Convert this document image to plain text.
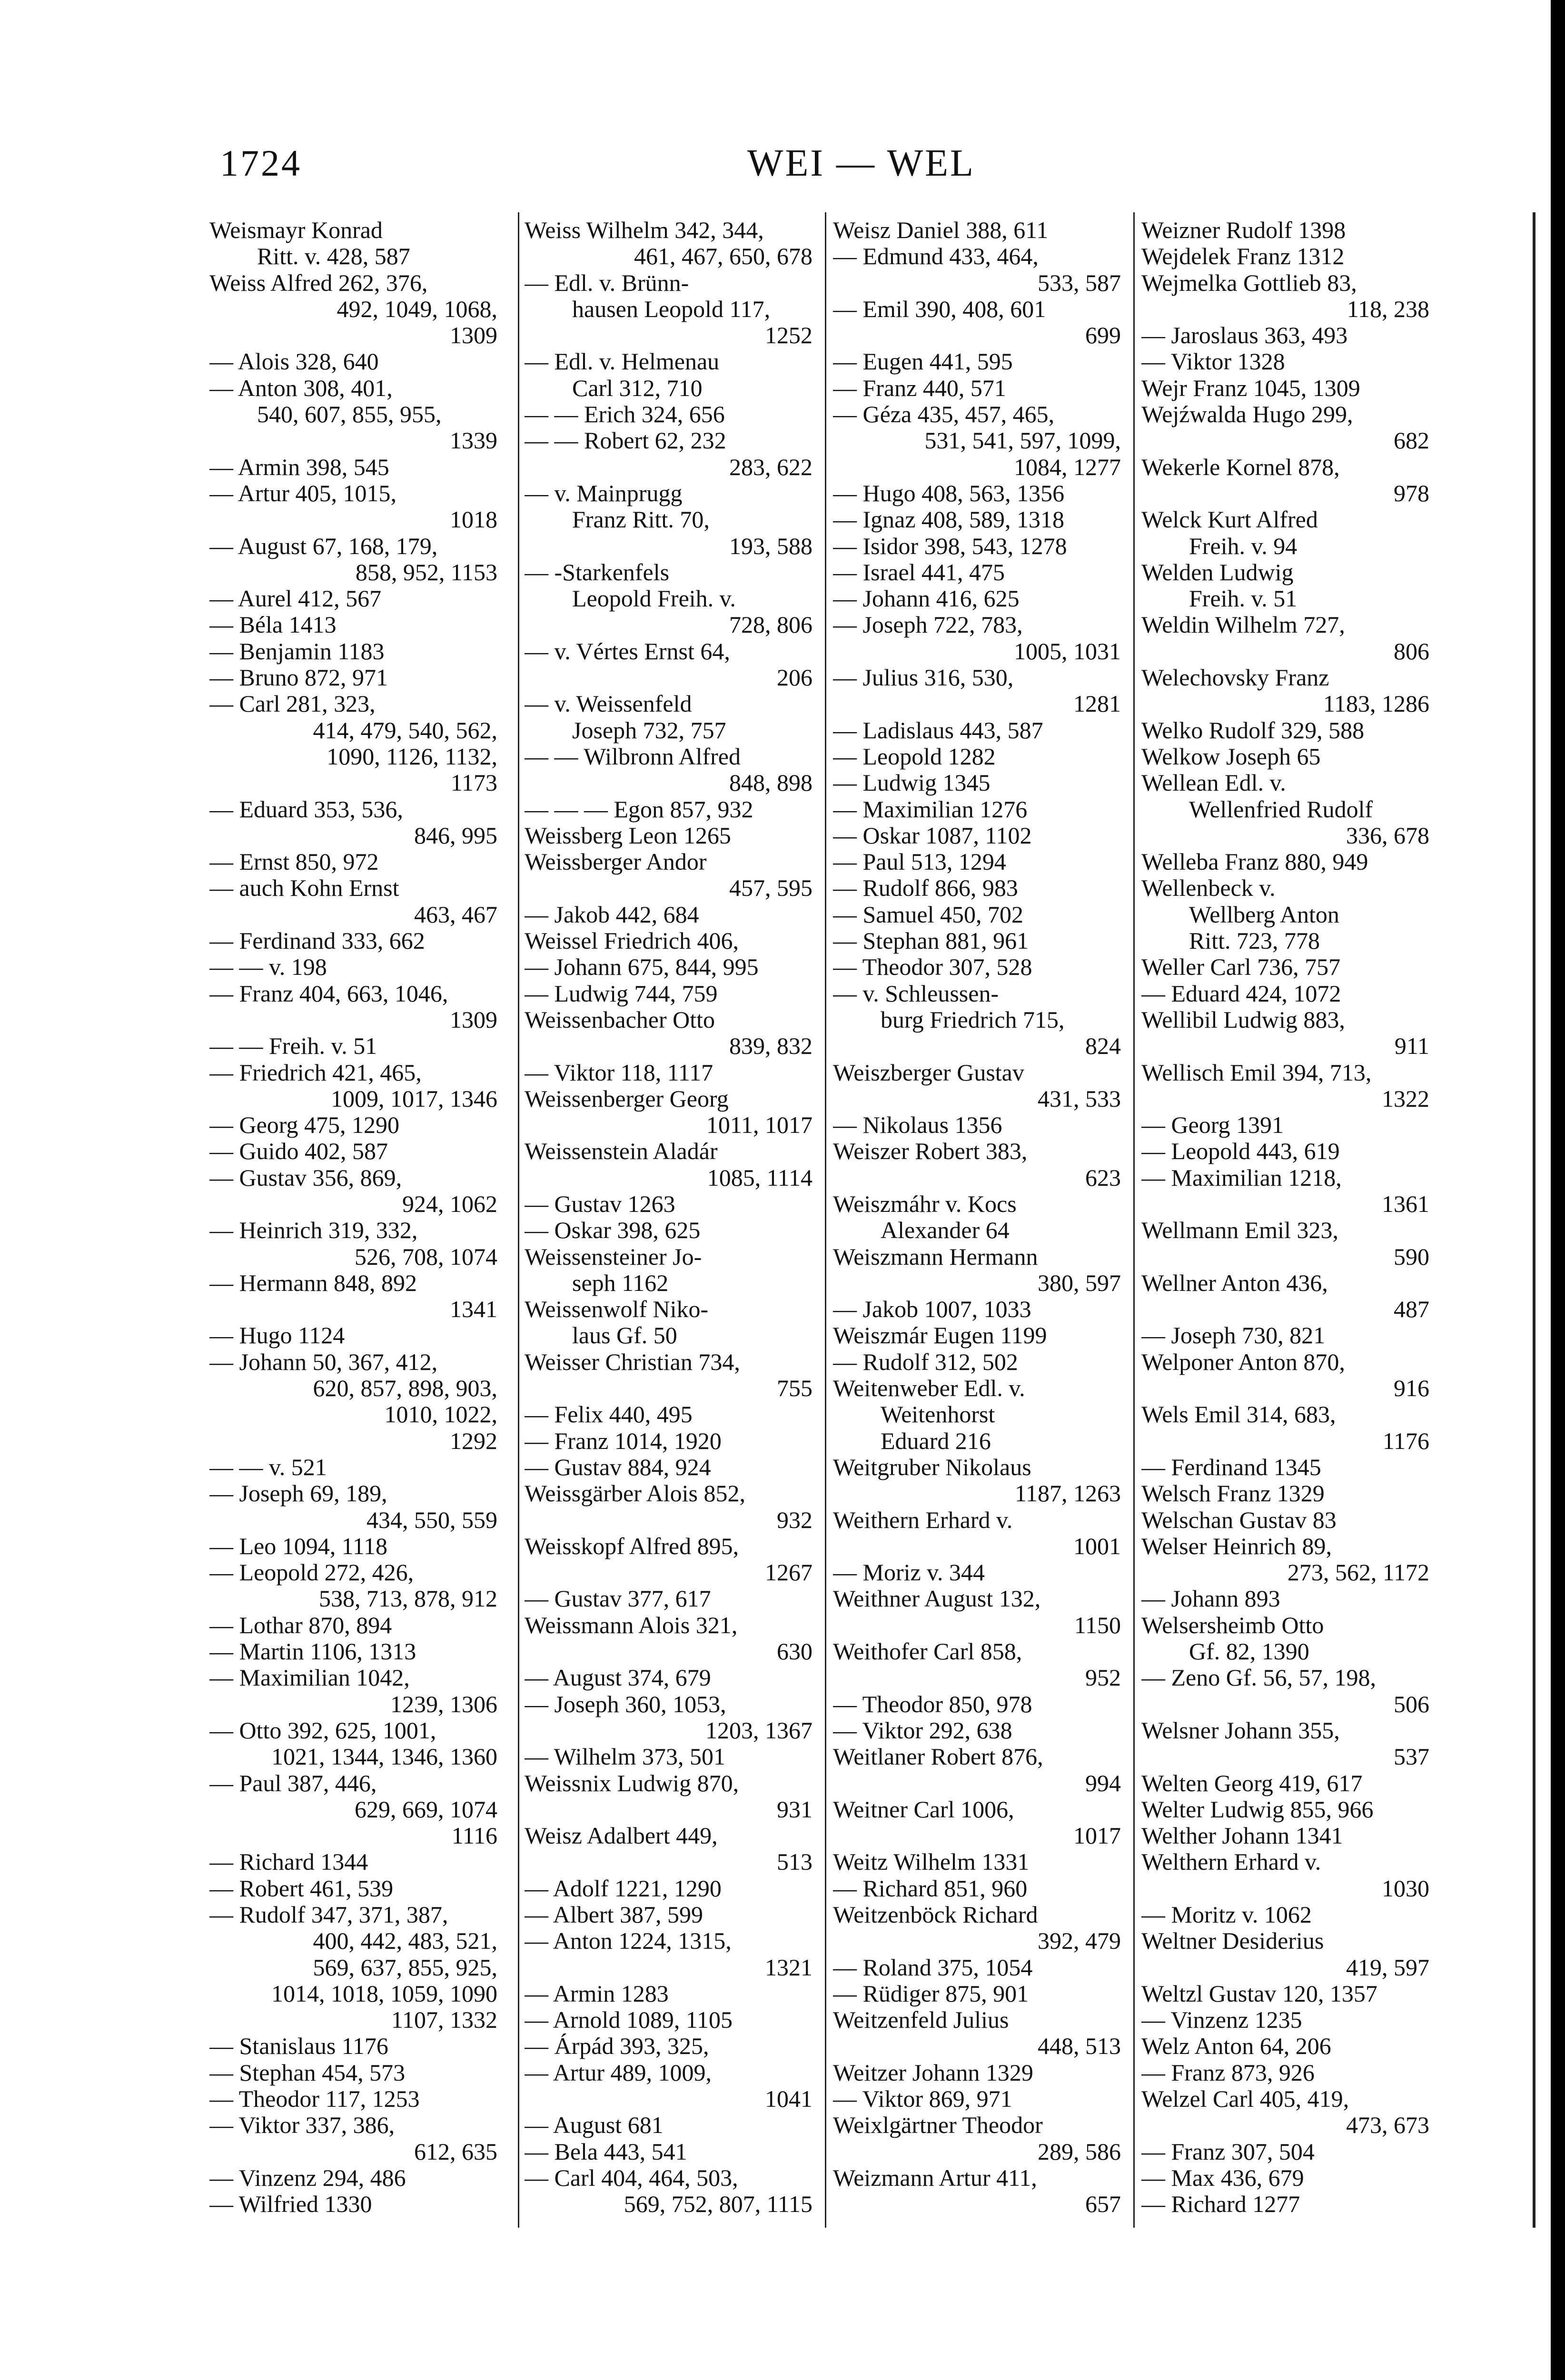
1724	WEI — WEL
Weismayr Konrad
Ritt. v. 428, 587
Weiss Alfred 262, 376,
492, 1049, 1068,
1309
— Alois 328, 640
— Anton 308, 401,
540, 607, 855, 955,
1339
— Armin 398, 545
— Artur 405, 1015,
1018
— August 67, 168, 179,
858, 952, 1153
— Aurel 412, 567
— Béla 1413
— Benjamin 1183
— Bruno 872, 971
— Carl 281, 323,
414, 479, 540, 562,
1090, 1126, 1132,
1173
— Eduard 353, 536,
846, 995
— Ernst 850, 972
— auch Kohn Ernst
463, 467
— Ferdinand 333, 662
— — v. 198
— Franz 404, 663, 1046,
1309
— — Freih. v. 51
— Friedrich 421, 465,
1009, 1017, 1346
— Georg 475, 1290
— Guido 402, 587
— Gustav 356, 869,
924, 1062
— Heinrich 319, 332,
526, 708, 1074
— Hermann 848, 892
1341
— Hugo 1124
— Johann 50, 367, 412,
620, 857, 898, 903,
1010, 1022,
1292
— — v. 521
— Joseph 69, 189,
434, 550, 559
— Leo 1094, 1118
— Leopold 272, 426,
538, 713, 878, 912
— Lothar 870, 894
— Martin 1106, 1313
— Maximilian 1042,
1239, 1306
— Otto 392, 625, 1001,
1021, 1344, 1346, 1360
— Paul 387, 446,
629, 669, 1074
1116
— Richard 1344
— Robert 461, 539
— Rudolf 347, 371, 387,
400, 442, 483, 521,
569, 637, 855, 925,
1014, 1018, 1059, 1090
1107, 1332
— Stanislaus 1176
— Stephan 454, 573
— Theodor 117, 1253
— Viktor 337, 386,
612, 635
— Vinzenz 294, 486
— Wilfried 1330
Weiss Wilhelm 342, 344,
461, 467, 650, 678
— Edl. v. Brünn-
hausen Leopold 117,
1252
— Edl. v. Helmenau
Carl 312, 710
— — Erich 324, 656
— — Robert 62, 232
283, 622
— v. Mainprugg
Franz Ritt. 70,
193, 588
— -Starkenfels
Leopold Freih. v.
728, 806
— v. Vértes Ernst 64,
206
— v. Weissenfeld
Joseph 732, 757
— — Wilbronn Alfred
848, 898
— — — Egon 857, 932
Weissberg Leon 1265
Weissberger Andor
457, 595
— Jakob 442, 684
Weissel Friedrich 406,
— Johann 675, 844, 995
— Ludwig 744, 759
Weissenbacher Otto
839, 832
— Viktor 118, 1117
Weissenberger Georg
1011, 1017
Weissenstein Aladár
1085, 1114
— Gustav 1263
— Oskar 398, 625
Weissensteiner Jo-
seph 1162
Weissenwolf Niko-
laus Gf. 50
Weisser Christian 734,
755
— Felix 440, 495
— Franz 1014, 1920
— Gustav 884, 924
Weissgärber Alois 852,
932
Weisskopf Alfred 895,
1267
— Gustav 377, 617
Weissmann Alois 321,
630
— August 374, 679
— Joseph 360, 1053,
1203, 1367
— Wilhelm 373, 501
Weissnix Ludwig 870,
931
Weisz Adalbert 449,
513
— Adolf 1221, 1290
— Albert 387, 599
— Anton 1224, 1315,
1321
— Armin 1283
— Arnold 1089, 1105
— Árpád 393, 325,
— Artur 489, 1009,
1041
— August 681
— Bela 443, 541
— Carl 404, 464, 503,
569, 752, 807, 1115
Weisz Daniel 388, 611
— Edmund 433, 464,
533, 587
— Emil 390, 408, 601
699
— Eugen 441, 595
— Franz 440, 571
— Géza 435, 457, 465,
531, 541, 597, 1099,
1084, 1277
— Hugo 408, 563, 1356
— Ignaz 408, 589, 1318
— Isidor 398, 543, 1278
— Israel 441, 475
— Johann 416, 625
— Joseph 722, 783,
1005, 1031
— Julius 316, 530,
1281
— Ladislaus 443, 587
— Leopold 1282
— Ludwig 1345
— Maximilian 1276
— Oskar 1087, 1102
— Paul 513, 1294
— Rudolf 866, 983
— Samuel 450, 702
— Stephan 881, 961
— Theodor 307, 528
— v. Schleussen-
burg Friedrich 715,
824
Weiszberger Gustav
431, 533
— Nikolaus 1356
Weiszer Robert 383,
623
Weiszmáhr v. Kocs
Alexander 64
Weiszmann Hermann
380, 597
— Jakob 1007, 1033
Weiszmár Eugen 1199
— Rudolf 312, 502
Weitenweber Edl. v.
Weitenhorst
Eduard 216
Weitgruber Nikolaus
1187, 1263
Weithern Erhard v.
1001
— Moriz v. 344
Weithner August 132,
1150
Weithofer Carl 858,
952
— Theodor 850, 978
— Viktor 292, 638
Weitlaner Robert 876,
994
Weitner Carl 1006,
1017
Weitz Wilhelm 1331
— Richard 851, 960
Weitzenböck Richard
392, 479
— Roland 375, 1054
— Rüdiger 875, 901
Weitzenfeld Julius
448, 513
Weitzer Johann 1329
— Viktor 869, 971
Weixlgärtner Theodor
289, 586
Weizmann Artur 411,
657
Weizner Rudolf 1398
Wejdelek Franz 1312
Wejmelka Gottlieb 83,
118, 238
— Jaroslaus 363, 493
— Viktor 1328
Wejr Franz 1045, 1309
Wejźwalda Hugo 299,
682
Wekerle Kornel 878,
978
Welck Kurt Alfred
Freih. v. 94
Welden Ludwig
Freih. v. 51
Weldin Wilhelm 727,
806
Welechovsky Franz
1183, 1286
Welko Rudolf 329, 588
Welkow Joseph 65
Wellean Edl. v.
Wellenfried Rudolf
336, 678
Welleba Franz 880, 949
Wellenbeck v.
Wellberg Anton
Ritt. 723, 778
Weller Carl 736, 757
— Eduard 424, 1072
Wellibil Ludwig 883,
911
Wellisch Emil 394, 713,
1322
— Georg 1391
— Leopold 443, 619
— Maximilian 1218,
1361
Wellmann Emil 323,
590
Wellner Anton 436,
487
— Joseph 730, 821
Welponer Anton 870,
916
Wels Emil 314, 683,
1176
— Ferdinand 1345
Welsch Franz 1329
Welschan Gustav 83
Welser Heinrich 89,
273, 562, 1172
— Johann 893
Welsersheimb Otto
Gf. 82, 1390
— Zeno Gf. 56, 57, 198,
506
Welsner Johann 355,
537
Welten Georg 419, 617
Welter Ludwig 855, 966
Welther Johann 1341
Welthern Erhard v.
1030
— Moritz v. 1062
Weltner Desiderius
419, 597
Weltzl Gustav 120, 1357
— Vinzenz 1235
Welz Anton 64, 206
— Franz 873, 926
Welzel Carl 405, 419,
473, 673
— Franz 307, 504
— Max 436, 679
— Richard 1277
